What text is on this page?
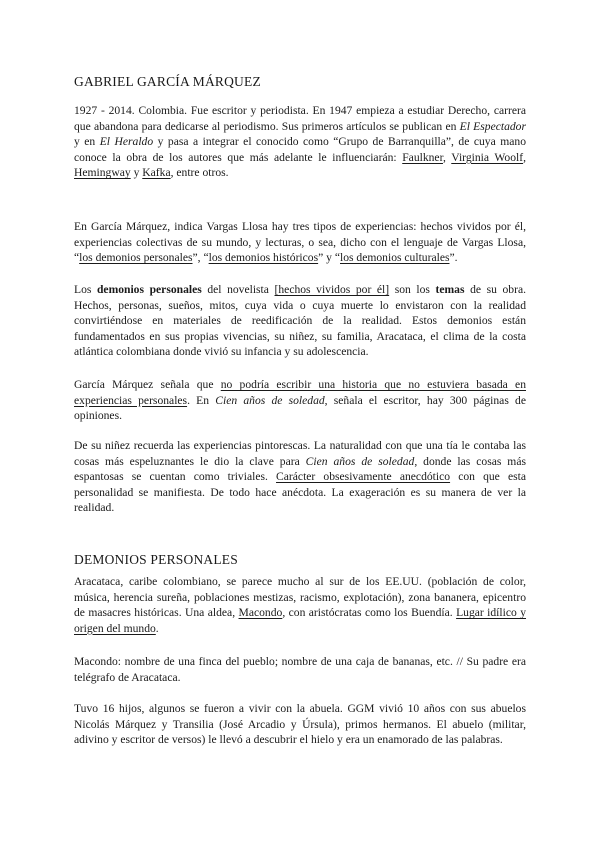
GABRIEL GARCÍA MÁRQUEZ

1927 - 2014. Colombia. Fue escritor y periodista. En 1947 empieza a estudiar Derecho, carrera que abandona para dedicarse al periodismo. Sus primeros artículos se publican en El Espectador y en El Heraldo y pasa a integrar el conocido como “Grupo de Barranquilla”, de cuya mano conoce la obra de los autores que más adelante le influenciarán: Faulkner, Virginia Woolf, Hemingway y Kafka, entre otros.

En García Márquez, indica Vargas Llosa hay tres tipos de experiencias: hechos vividos por él, experiencias colectivas de su mundo, y lecturas, o sea, dicho con el lenguaje de Vargas Llosa, “los demonios personales”, “los demonios históricos” y “los demonios culturales”.

Los demonios personales del novelista [hechos vividos por él] son los temas de su obra. Hechos, personas, sueños, mitos, cuya vida o cuya muerte lo envistaron con la realidad convirtiéndose en materiales de reedificación de la realidad. Estos demonios están fundamentados en sus propias vivencias, su niñez, su familia, Aracataca, el clima de la costa atlántica colombiana donde vivió su infancia y su adolescencia.

García Márquez señala que no podría escribir una historia que no estuviera basada en experiencias personales. En Cien años de soledad, señala el escritor, hay 300 páginas de opiniones.

De su niñez recuerda las experiencias pintorescas. La naturalidad con que una tía le contaba las cosas más espeluznantes le dio la clave para Cien años de soledad, donde las cosas más espantosas se cuentan como triviales. Carácter obsesivamente anecdótico con que esta personalidad se manifiesta. De todo hace anécdota. La exageración es su manera de ver la realidad.

DEMONIOS PERSONALES

Aracataca, caribe colombiano, se parece mucho al sur de los EE.UU. (población de color, música, herencia sureña, poblaciones mestizas, racismo, explotación), zona bananera, epicentro de masacres históricas. Una aldea, Macondo, con aristócratas como los Buendía. Lugar idílico y origen del mundo.

Macondo: nombre de una finca del pueblo; nombre de una caja de bananas, etc. // Su padre era telégrafo de Aracataca.

Tuvo 16 hijos, algunos se fueron a vivir con la abuela. GGM vivió 10 años con sus abuelos Nicolás Márquez y Transilia (José Arcadio y Úrsula), primos hermanos. El abuelo (militar, adivino y escritor de versos) le llevó a descubrir el hielo y era un enamorado de las palabras.
